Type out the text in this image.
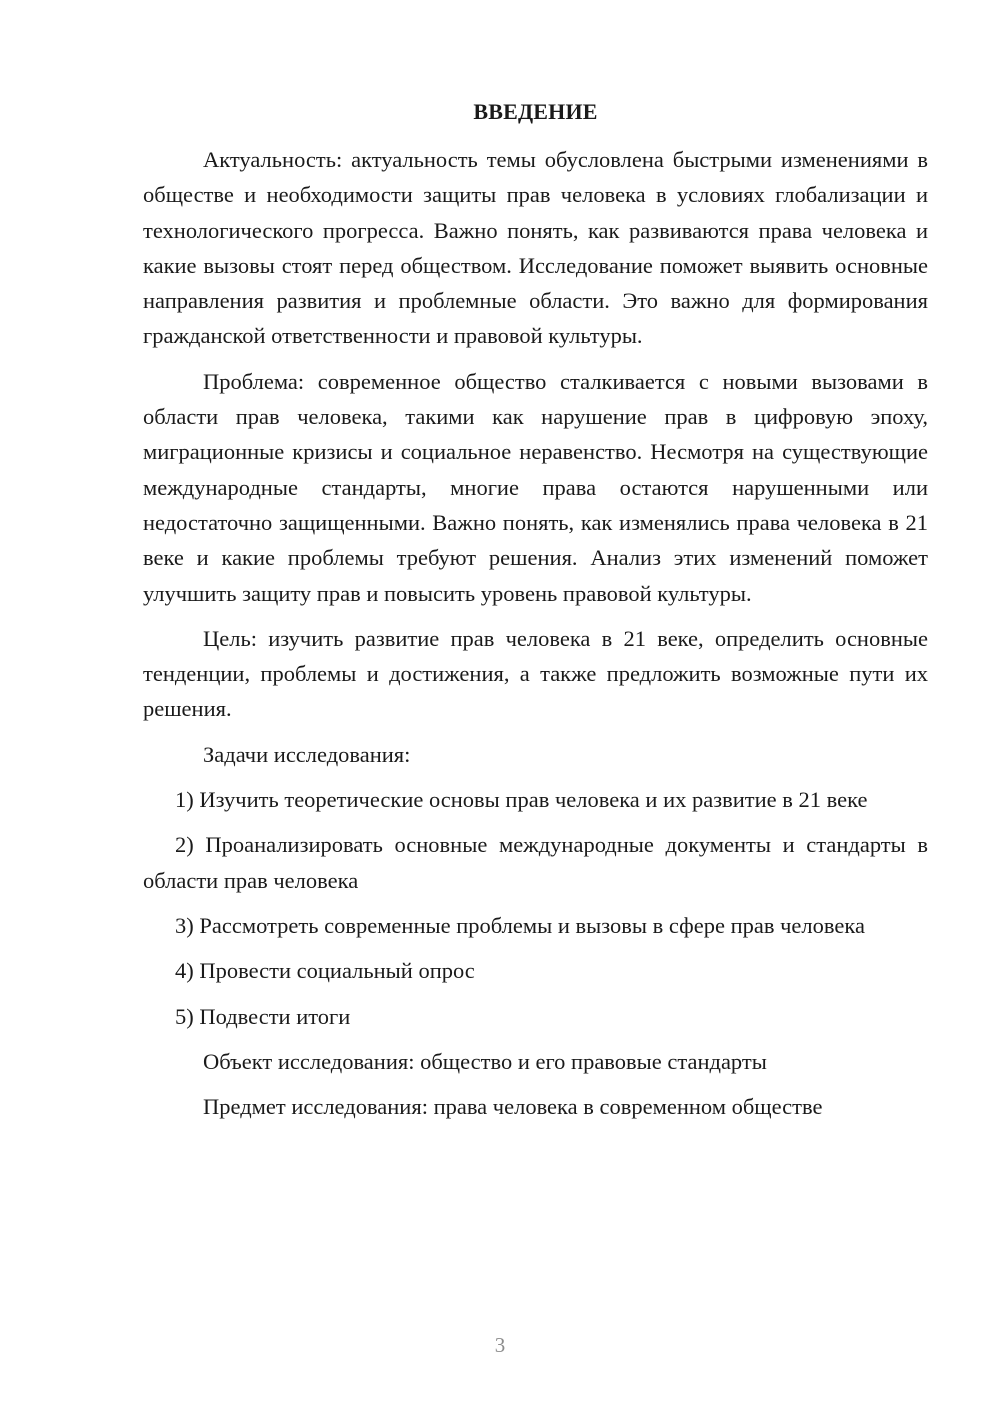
ВВЕДЕНИЕ

Актуальность: актуальность темы обусловлена быстрыми изменениями в обществе и необходимости защиты прав человека в условиях глобализации и технологического прогресса. Важно понять, как развиваются права человека и какие вызовы стоят перед обществом. Исследование поможет выявить основные направления развития и проблемные области. Это важно для формирования гражданской ответственности и правовой культуры.

Проблема: современное общество сталкивается с новыми вызовами в области прав человека, такими как нарушение прав в цифровую эпоху, миграционные кризисы и социальное неравенство. Несмотря на существующие международные стандарты, многие права остаются нарушенными или недостаточно защищенными. Важно понять, как изменялись права человека в 21 веке и какие проблемы требуют решения. Анализ этих изменений поможет улучшить защиту прав и повысить уровень правовой культуры.

Цель: изучить развитие прав человека в 21 веке, определить основные тенденции, проблемы и достижения, а также предложить возможные пути их решения.

Задачи исследования:

1) Изучить теоретические основы прав человека и их развитие в 21 веке

2) Проанализировать основные международные документы и стандарты в области прав человека

3) Рассмотреть современные проблемы и вызовы в сфере прав человека

4) Провести социальный опрос

5) Подвести итоги

Объект исследования: общество и его правовые стандарты

Предмет исследования: права человека в современном обществе

3
